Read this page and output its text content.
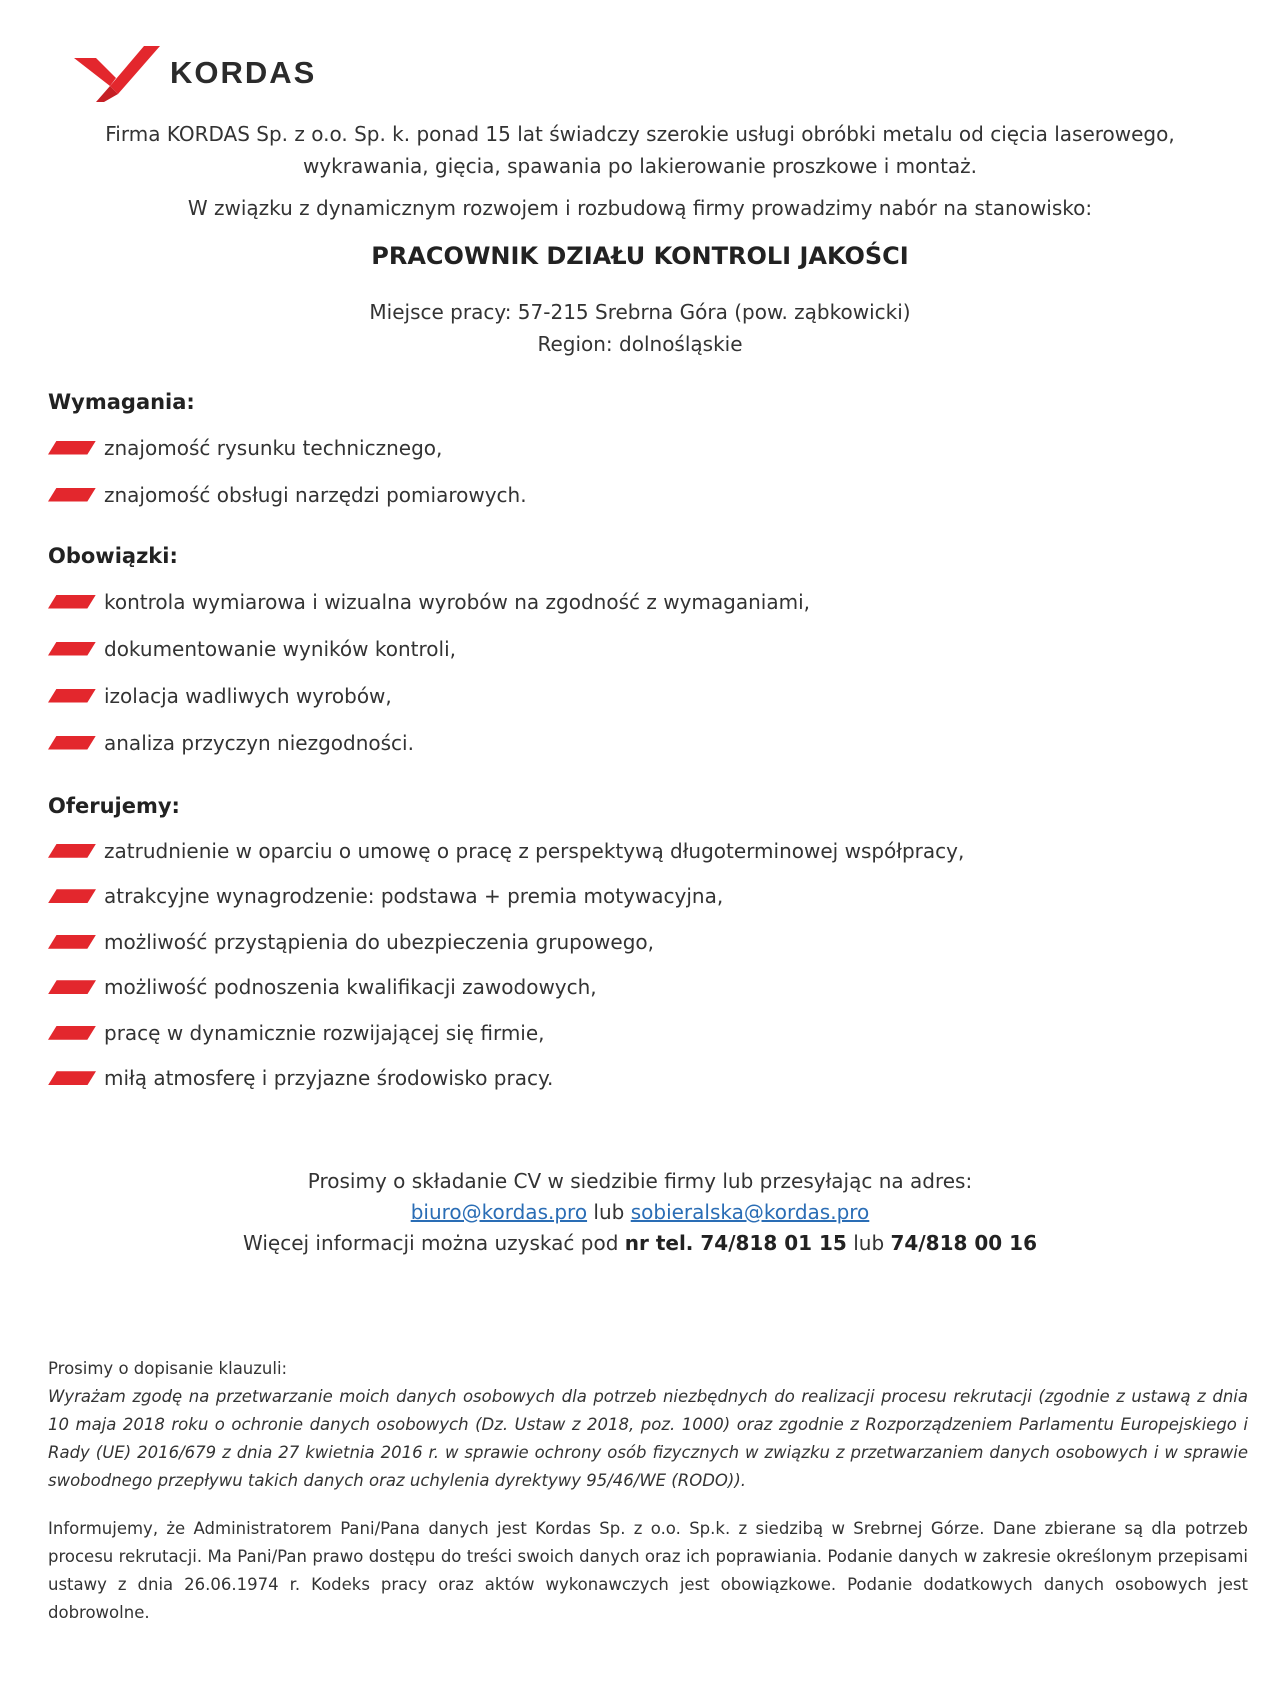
KORDAS

Firma KORDAS Sp. z o.o. Sp. k. ponad 15 lat świadczy szerokie usługi obróbki metalu od cięcia laserowego,

wykrawania, gięcia, spawania po lakierowanie proszkowe i montaż.

W związku z dynamicznym rozwojem i rozbudową firmy prowadzimy nabór na stanowisko:

PRACOWNIK DZIAŁU KONTROLI JAKOŚCI
Miejsce pracy: 57-215 Srebrna Góra (pow. ząbkowicki)
Region: dolnośląskie
Wymagania:
znajomość rysunku technicznego,
znajomość obsługi narzędzi pomiarowych.
Obowiązki:
kontrola wymiarowa i wizualna wyrobów na zgodność z wymaganiami,
dokumentowanie wyników kontroli,
izolacja wadliwych wyrobów,
analiza przyczyn niezgodności.
Oferujemy:
zatrudnienie w oparciu o umowę o pracę z perspektywą długoterminowej współpracy,
atrakcyjne wynagrodzenie: podstawa + premia motywacyjna,
możliwość przystąpienia do ubezpieczenia grupowego,
możliwość podnoszenia kwalifikacji zawodowych,
pracę w dynamicznie rozwijającej się firmie,
miłą atmosferę i przyjazne środowisko pracy.

Prosimy o składanie CV w siedzibie firmy lub przesyłając na adres:

biuro@kordas.pro lub sobieralska@kordas.pro

Więcej informacji można uzyskać pod nr tel. 74/818 01 15 lub 74/818 00 16

Prosimy o dopisanie klauzuli:

Wyrażam zgodę na przetwarzanie moich danych osobowych dla potrzeb niezbędnych do realizacji procesu rekrutacji (zgodnie z ustawą z dnia 10 maja 2018 roku o ochronie danych osobowych (Dz. Ustaw z 2018, poz. 1000) oraz zgodnie z Rozporządzeniem Parlamentu Europejskiego i Rady (UE) 2016/679 z dnia 27 kwietnia 2016 r. w sprawie ochrony osób fizycznych w związku z przetwarzaniem danych osobowych i w sprawie swobodnego przepływu takich danych oraz uchylenia dyrektywy 95/46/WE (RODO)).

Informujemy, że Administratorem Pani/Pana danych jest Kordas Sp. z o.o. Sp.k. z siedzibą w Srebrnej Górze. Dane zbierane są dla potrzeb procesu rekrutacji. Ma Pani/Pan prawo dostępu do treści swoich danych oraz ich poprawiania. Podanie danych w zakresie określonym przepisami ustawy z dnia 26.06.1974 r. Kodeks pracy oraz aktów wykonawczych jest obowiązkowe. Podanie dodatkowych danych osobowych jest dobrowolne.
